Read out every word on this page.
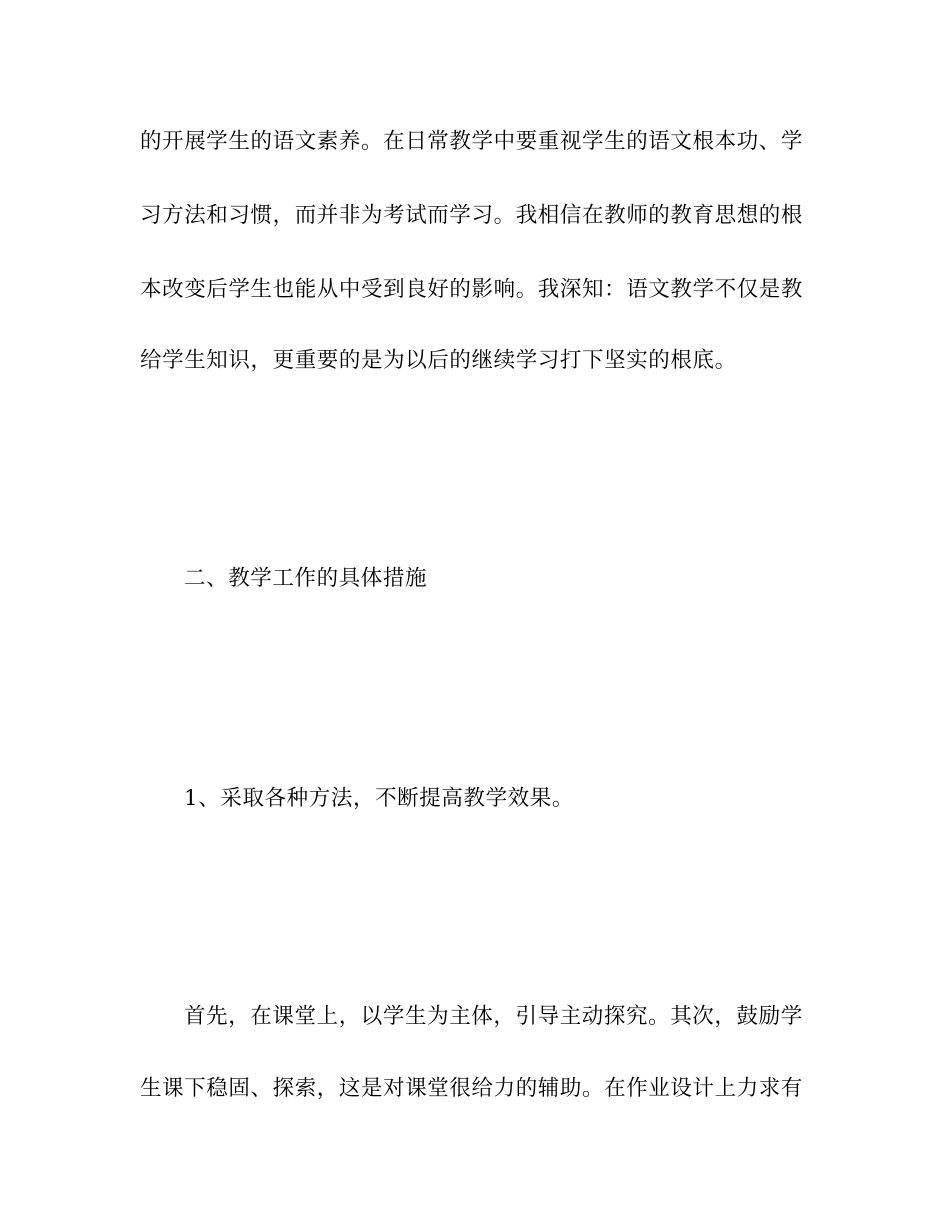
的开展学生的语文素养。在日常教学中要重视学生的语文根本功、学
习方法和习惯，而并非为考试而学习。我相信在教师的教育思想的根
本改变后学生也能从中受到良好的影响。我深知：语文教学不仅是教
给学生知识，更重要的是为以后的继续学习打下坚实的根底。
二、教学工作的具体措施
1、采取各种方法，不断提高教学效果。
首先，在课堂上，以学生为主体，引导主动探究。其次，鼓励学
生课下稳固、探索，这是对课堂很给力的辅助。在作业设计上力求有
